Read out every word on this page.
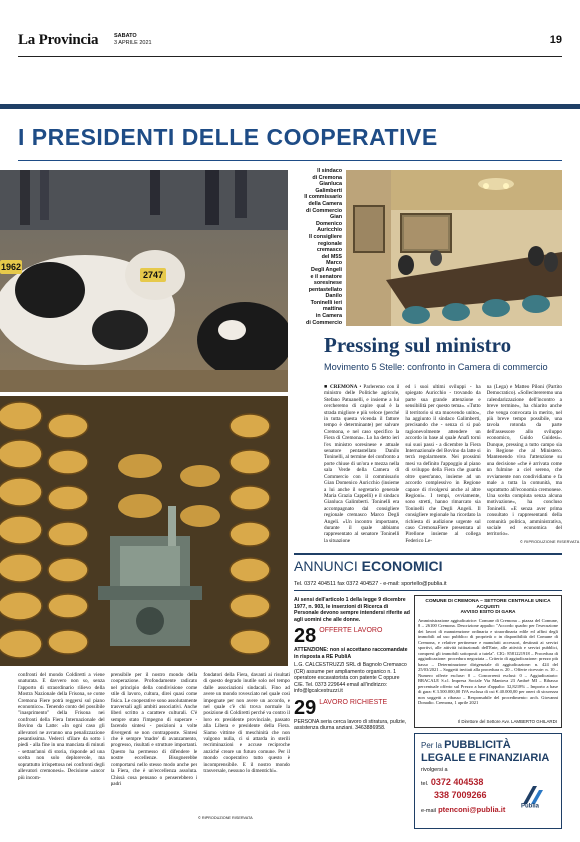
La Provincia	SABATO
3 APRILE 2021	19
I PRESIDENTI DELLE COOPERATIVE
2747
1962
Il sindaco
di Cremona
Gianluca
Galimberti
Il commissario
della Camera
di Commercio
Gian
Domenico
Auricchio
Il consigliere
regionale
cremasco
del M5S
Marco
Degli Angeli
e il senatore
soresinese
pentastellato
Danilo
Toninelli ieri
mattina
in Camera
di Commercio
Pressing sul ministro
Movimento 5 Stelle: confronto in Camera di commercio
■ CREMONA • Parleremo con il ministro delle Politiche agricole, Stefano Patuanelli, e insieme a lui cercheremo di capire qual è la strada migliore e più veloce (perché in tutta questa vicenda il fattore tempo è determinante) per salvare Cremona, e nel caso specifico la Fiera di Cremona». Lo ha detto ieri l'ex ministro soresinese e attuale senatore pentastellato Danilo Toninelli, al termine del confronto a porte chiuse di un'ora e mezza nella sala Verde della Camera di Commercio con il commissario Gian Domenico Auricchio (insieme a lui anche il segretario generale Maria Grazia Cappelli) e il sindaco Gianluca Galimberti. Toninelli era accompagnato dal consigliere regionale cremasco Marco Degli Angeli. «Un incontro importante, durante il quale abbiamo rappresentato al senatore Toninelli la situazione
ed i suoi ultimi sviluppi - ha spiegato Auricchio - trovando da parte sua grande attenzione e sensibilità per questo tema». «Tutto il territorio si sta muovendo unito», ha aggiunto il sindaco Galimberti, precisando che - senza ci si può ragionevolmente attendere un accordo in base al quale Anafi torni sui suoi passi - a dicembre la Fiera Internazionale del Bovino da latte si terrà regolarmente. Nei prossimi mesi va definito l'appoggio al piano di sviluppo della Fiera che guarda oltre quest'anno, insieme ad un accordo complessivo in Regione capace di rivolgersi anche al altre Regioni». I tempi, ovviamente, sono stretti, hanno rimarcato sia Toninelli che Degli Angeli. Il consigliere regionale ha ricordato la richiesta di audizione urgente sul caso CremonaFiere presentata al Pirellone insieme al collega Federico Le-
na (Lega) e Matteo Piloni (Partito Democratico). «Sollecitereremo una calendarizzazione dell'incontro a breve termine», ha chiarito anche che venga convocata in merito, nel più breve tempo possibile, una tavola rotonda da parte dell'assessore allo sviluppo economico, Guido Guidesi». Dunque, pressing a tutto campo sia in Regione che al Ministero. Mantenendo viva l'attenzione su una decisione «che è arrivata come un fulmine a ciel sereno, che ovviamente non condividiamo e fa male a tutta la comunità, ma soprattutto all'economia cremonese. Una scelta compiuta senza alcuna motivazione», ha concluso Toninelli. «E senza aver prima consultato i rappresentanti della comunità politica, amministrativa, sociale ed economica del territorio».
© RIPRODUZIONE RISERVATA
ANNUNCI ECONOMICI
Tel. 0372 404511 fax 0372 404527 - e-mail: sportello@publia.it
Ai sensi dell'articolo 1 della legge 9 dicembre 1977, n. 903, le inserzioni di Ricerca di Personale devono sempre intendersi riferite ad agli uomini che alle donne.
28 OFFERTE LAVORO

ATTENZIONE: non si accettano raccomandate in risposta a RE PubliA

L.G. CALCESTRUZZI SRL di Bagnolo Cremasco (CR) assume per ampliamento organico n. 1 operatore escavatorista con patente C oppure C/E. Tel. 0373 229644 email all'indirizzo: info@lgcalcestruzzi.it

29 LAVORO RICHIESTE

PERSONA seria cerca lavoro di stiratura, pulizie, assistenza diurna anziani. 3463886958.

COMUNE DI CREMONA – SETTORE CENTRALE UNICA ACQUISTI
AVVISO ESITO DI GARA
Amministrazione aggiudicatrice: Comune di Cremona – piazza del Comune, 8 – 26100 Cremona. Descrizione appalto: "Accordo quadro per l'esecuzione dei lavori di manutenzione ordinaria e straordinaria edile ed affini degli immobili ad uso pubblico di proprietà o in disponibilità del Comune di Cremona, e relative pertinenze e manufatti accessori, destinati ai servizi sportivi, alle attività istituzionali dell'Ente, alle attività e servizi pubblici, compresi gli immobili sottoposti a tutela". CIG: 8581221918 – Procedura di aggiudicazione: procedura negoziata – Criterio di aggiudicazione: prezzo più basso – Determinazione dirigenziale di aggiudicazione: n. 424 del 25/03/2021 – Soggetti invitati alla procedura n. 20 – Offerte ricevute: n. 10 – Numero offerte escluse: 0 – Concorrenti esclusi: 0 – Aggiudicatario: BRACALE S.r.l. Impresa Sociale Via Mantova 23 Ambrè MI – Ribasso percentuale offerto sul Prezzo a base d'appalto: 32,8218% – Importo a base di gara: € 3.500.000,00 IVA esclusa di cui € 40.000,00 per oneri di sicurezza non soggetti a ribasso – Responsabile del procedimento: arch. Giovanni Donadio. Cremona, 1 aprile 2021
Il Direttore del Settore Avv. LAMBERTO GHILARDI
Per la PUBBLICITÀ
LEGALE E FINANZIARIA
rivolgersi a
tel. 0372 404538
338 7009266
e-mail ptenconi@publia.it	Publia
confronti del mondo Coldiretti a viene snaturata. E davvero non so, senza l'apporto di straordinario rilievo della Mostra Nazionale della Frisona, se come Cremona Fiere potrà reggersi sul piano economico». Tenendo conto del possibile "inasprimento" della Frisona nei confronti della Fiera Internazionale del Bovino da Latte: «In ogni caso gli allevatori ne avranno una penalizzazione pesantissima. Vederci sfilare da sotto i piedi - alla fine in una manciata di minuti - settant'anni di storia, risponde ad una scelta non solo deplorevole, ma soprattutto irrispettosa nei confronti degli allevatori cremonesi». Decisione «ancor più incom-
prensibile per il nostro mondo della cooperazione. Profondamente radicato nel principio della condivisione come stile di lavoro, cultura, direi quasi come fisica. Le cooperative sono assolutamente trasversali agli ambiti associativi. Anche liberi scritto a carattere culturali. C'è sempre stato l'impegno di superare - facendo sintesi - posizioni a volte divergenti se non contrapposte. Sintesi che è sempre 'madre' di avanzamento, progresso, risultati e strutture importanti. Questo ha permesso di difendere le nostre eccellenze. Bisognerebbe comportarsi nello stesso modo anche per la Fiera, che è un'eccellenza assoluta. Chissà cosa pensano o penserebbero i padri
fondatori della Fiera, davanti ai risultati di questo degrado inutile solo nel tempo dalle associazioni sindacali. Fino ad avere un mondo rovesciato nel quale così impegnate per non avere un accordo, e nel quale c'è chi trova normale la posizione di Coldiretti perché va contro il loro ex presidente provinciale, passato alla Libera e presidente della Fiera. Siamo vittime di meschinità che non valgono nulla, ci si attarda in sterili recriminazioni e accuse reciproche anziché creare un futuro comune. Per il mondo cooperativo tutto questo è incomprensibile. E il nostro mondo trasversale, nessuno lo dimentichi».
© RIPRODUZIONE RISERVATA
